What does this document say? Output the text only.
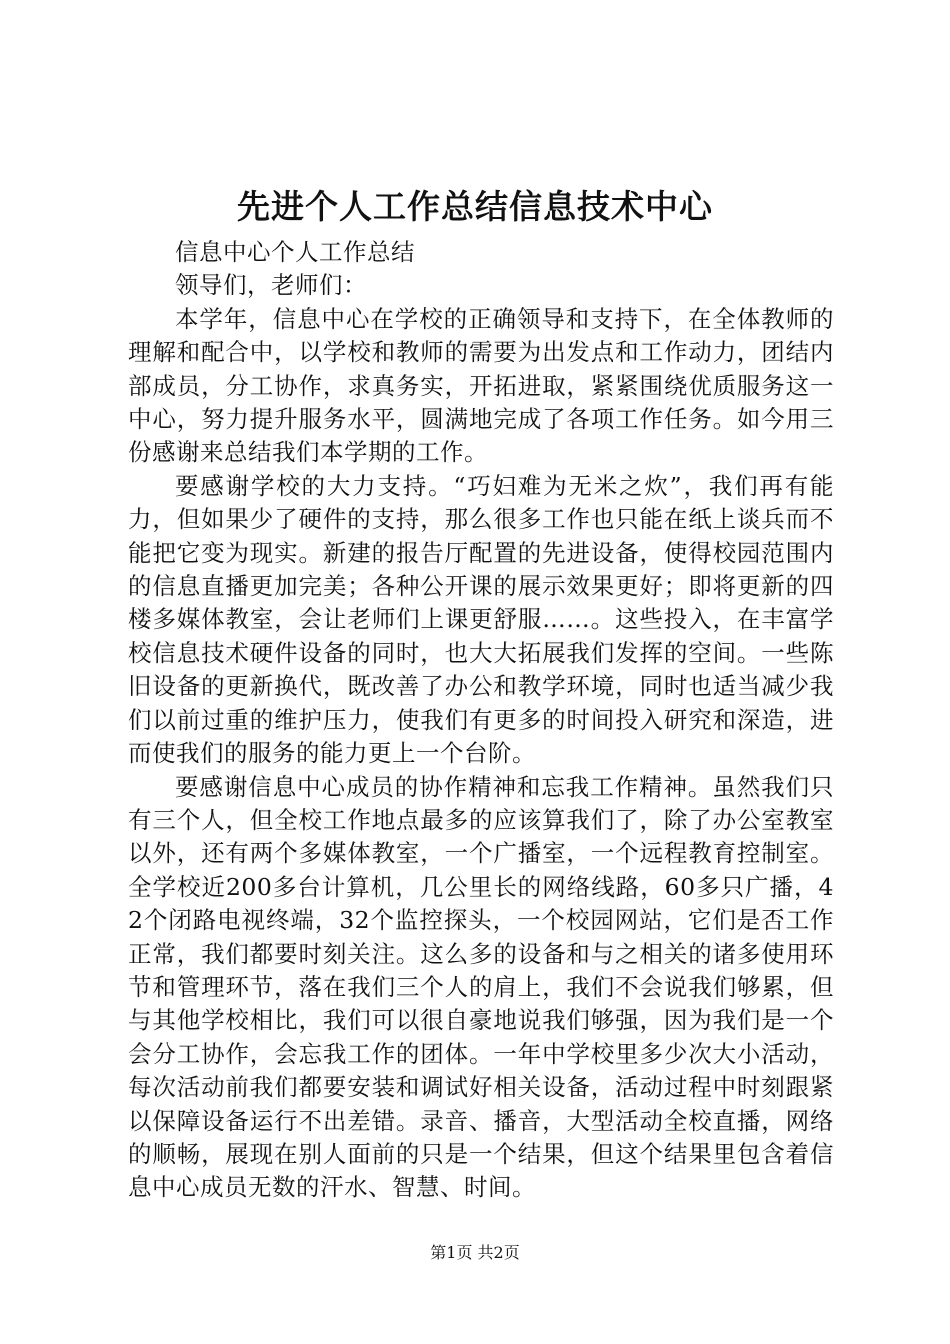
先进个人工作总结信息技术中心

信息中心个人工作总结

领导们，老师们：

本学年，信息中心在学校的正确领导和支持下，在全体教师的理解和配合中，以学校和教师的需要为出发点和工作动力，团结内部成员，分工协作，求真务实，开拓进取，紧紧围绕优质服务这一中心，努力提升服务水平，圆满地完成了各项工作任务。如今用三份感谢来总结我们本学期的工作。

要感谢学校的大力支持。“巧妇难为无米之炊”，我们再有能力，但如果少了硬件的支持，那么很多工作也只能在纸上谈兵而不能把它变为现实。新建的报告厅配置的先进设备，使得校园范围内的信息直播更加完美；各种公开课的展示效果更好；即将更新的四楼多媒体教室，会让老师们上课更舒服……。这些投入，在丰富学校信息技术硬件设备的同时，也大大拓展我们发挥的空间。一些陈旧设备的更新换代，既改善了办公和教学环境，同时也适当减少我们以前过重的维护压力，使我们有更多的时间投入研究和深造，进而使我们的服务的能力更上一个台阶。

要感谢信息中心成员的协作精神和忘我工作精神。虽然我们只有三个人，但全校工作地点最多的应该算我们了，除了办公室教室以外，还有两个多媒体教室，一个广播室，一个远程教育控制室。全学校近200多台计算机，几公里长的网络线路，60多只广播，42个闭路电视终端，32个监控探头，一个校园网站，它们是否工作正常，我们都要时刻关注。这么多的设备和与之相关的诸多使用环节和管理环节，落在我们三个人的肩上，我们不会说我们够累，但与其他学校相比，我们可以很自豪地说我们够强，因为我们是一个会分工协作，会忘我工作的团体。一年中学校里多少次大小活动，每次活动前我们都要安装和调试好相关设备，活动过程中时刻跟紧以保障设备运行不出差错。录音、播音，大型活动全校直播，网络的顺畅，展现在别人面前的只是一个结果，但这个结果里包含着信息中心成员无数的汗水、智慧、时间。

第1页 共2页
